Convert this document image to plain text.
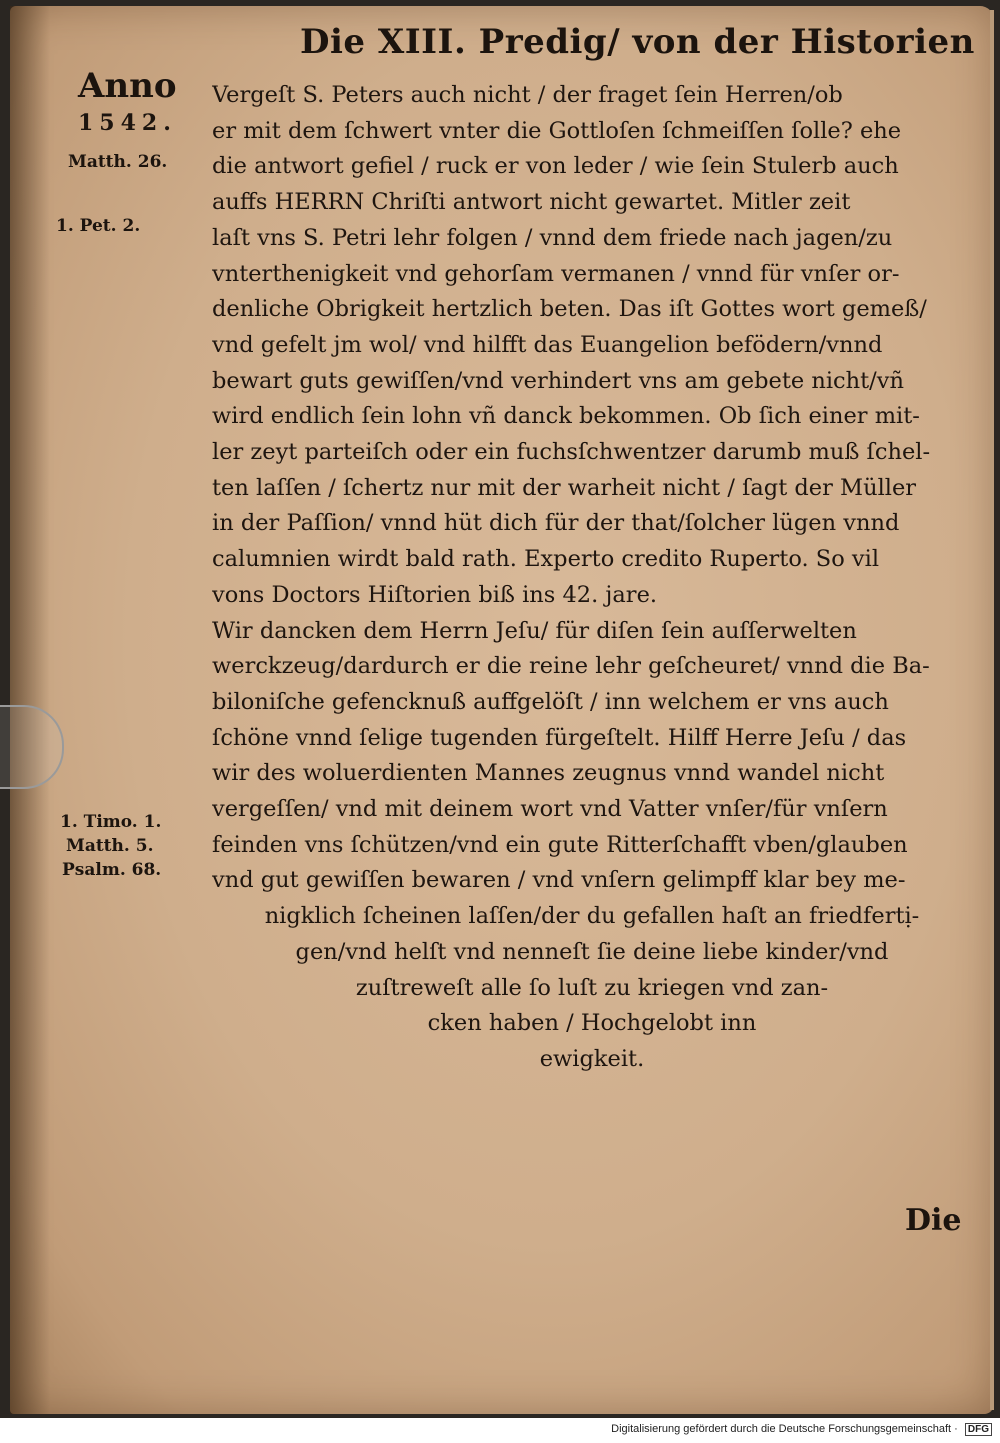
Die XIII. Predig/ von der Historien
Anno
1542.
Matth. 26.
1. Pet. 2.
1. Timo. 1.
Matth. 5.
Psalm. 68.
Vergeſt S. Peters auch nicht / der fraget ſein Herren/ob
er mit dem ſchwert vnter die Gottloſen ſchmeiſſen ſolle? ehe
die antwort gefiel / ruck er von leder / wie ſein Stulerb auch
auffs HERRN Chriſti antwort nicht gewartet. Mitler zeit
laſt vns S. Petri lehr folgen / vnnd dem friede nach jagen/zu
vnterthenigkeit vnd gehorſam vermanen / vnnd für vnſer or-
denliche Obrigkeit hertzlich beten. Das iſt Gottes wort gemeß/
vnd gefelt jm wol/ vnd hilfft das Euangelion befödern/vnnd
bewart guts gewiſſen/vnd verhindert vns am gebete nicht/vñ
wird endlich ſein lohn vñ danck bekommen. Ob ſich einer mit-
ler zeyt parteiſch oder ein fuchsſchwentzer darumb muß ſchel-
ten laſſen / ſchertz nur mit der warheit nicht / ſagt der Müller
in der Paſſion/ vnnd hüt dich für der that/ſolcher lügen vnnd
calumnien wirdt bald rath. Experto credito Ruperto. So vil
vons Doctors Hiſtorien biß ins 42. jare.
Wir dancken dem Herrn Jeſu/ für diſen ſein auſſerwelten
werckzeug/dardurch er die reine lehr geſcheuret/ vnnd die Ba-
biloniſche gefencknuß auffgelöſt / inn welchem er vns auch
ſchöne vnnd ſelige tugenden fürgeſtelt. Hilff Herre Jeſu / das
wir des woluerdienten Mannes zeugnus vnnd wandel nicht
vergeſſen/ vnd mit deinem wort vnd Vatter vnſer/für vnſern
feinden vns ſchützen/vnd ein gute Ritterſchafft vben/glauben
vnd gut gewiſſen bewaren / vnd vnſern gelimpff klar bey me-
nigklich ſcheinen laſſen/der du gefallen haſt an friedfertị-
gen/vnd helſt vnd nenneſt ſie deine liebe kinder/vnd
zuſtreweſt alle ſo luſt zu kriegen vnd zan-
cken haben / Hochgelobt inn
ewigkeit.
Die
Digitalisierung gefördert durch die Deutsche Forschungsgemeinschaft · DFG
